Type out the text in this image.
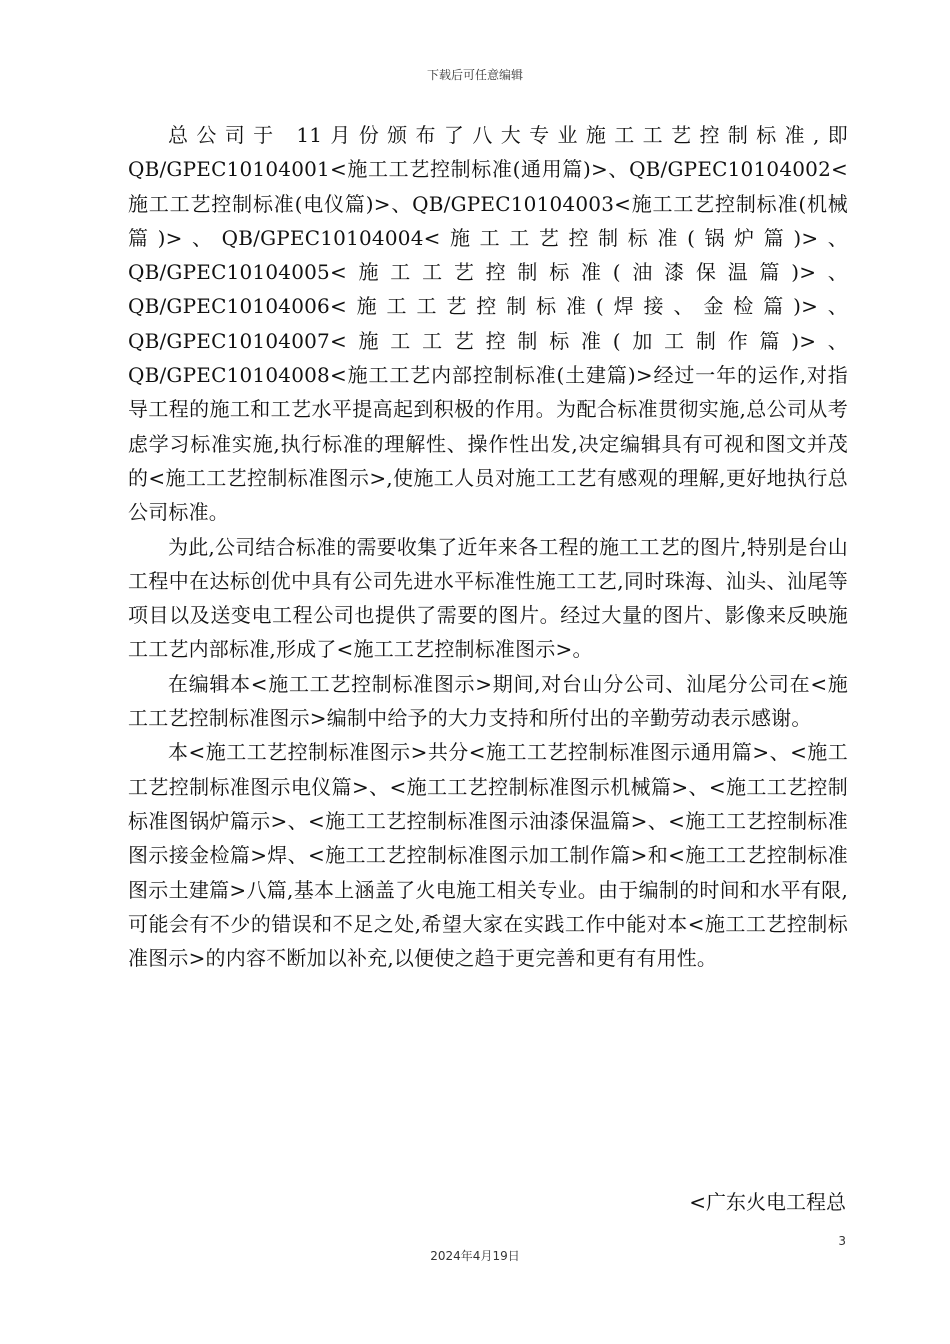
下载后可任意编辑

总公司于 11月份颁布了八大专业施工工艺控制标准,即QB/GPEC10104001<施工工艺控制标准(通用篇)>、QB/GPEC10104002<施工工艺控制标准(电仪篇)>、QB/GPEC10104003<施工工艺控制标准(机械篇)>、QB/GPEC10104004<施工工艺控制标准(锅炉篇)>、QB/GPEC10104005<施工工艺控制标准(油漆保温篇)>、QB/GPEC10104006<施工工艺控制标准(焊接、金检篇)>、QB/GPEC10104007<施工工艺控制标准(加工制作篇)>、QB/GPEC10104008<施工工艺内部控制标准(土建篇)>经过一年的运作,对指导工程的施工和工艺水平提高起到积极的作用。为配合标准贯彻实施,总公司从考虑学习标准实施,执行标准的理解性、操作性出发,决定编辑具有可视和图文并茂的<施工工艺控制标准图示>,使施工人员对施工工艺有感观的理解,更好地执行总公司标准。

为此,公司结合标准的需要收集了近年来各工程的施工工艺的图片,特别是台山工程中在达标创优中具有公司先进水平标准性施工工艺,同时珠海、汕头、汕尾等项目以及送变电工程公司也提供了需要的图片。经过大量的图片、影像来反映施工工艺内部标准,形成了<施工工艺控制标准图示>。

在编辑本<施工工艺控制标准图示>期间,对台山分公司、汕尾分公司在<施工工艺控制标准图示>编制中给予的大力支持和所付出的辛勤劳动表示感谢。

本<施工工艺控制标准图示>共分<施工工艺控制标准图示通用篇>、<施工工艺控制标准图示电仪篇>、<施工工艺控制标准图示机械篇>、<施工工艺控制标准图锅炉篇示>、<施工工艺控制标准图示油漆保温篇>、<施工工艺控制标准图示接金检篇>焊、<施工工艺控制标准图示加工制作篇>和<施工工艺控制标准图示土建篇>八篇,基本上涵盖了火电施工相关专业。由于编制的时间和水平有限,可能会有不少的错误和不足之处,希望大家在实践工作中能对本<施工工艺控制标准图示>的内容不断加以补充,以便使之趋于更完善和更有有用性。

<广东火电工程总
3
2024年4月19日
